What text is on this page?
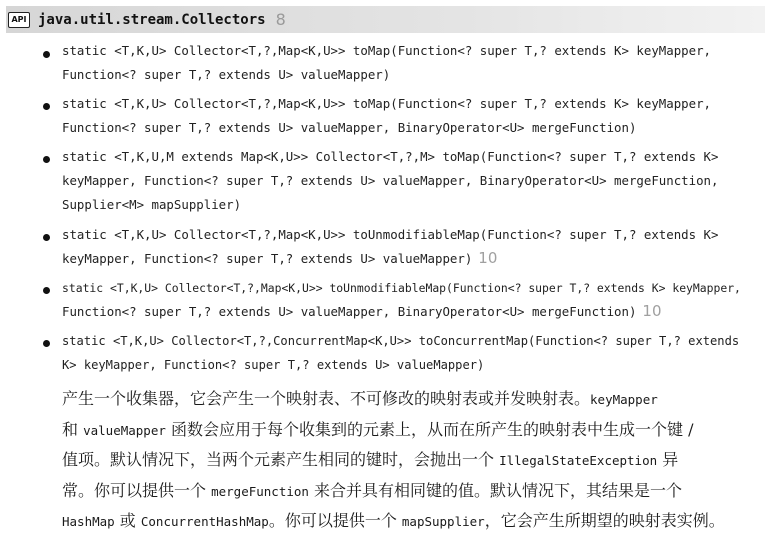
API java.util.stream.Collectors 8
static <T,K,U> Collector<T,?,Map<K,U>> toMap(Function<? super T,? extends K> keyMapper,
Function<? super T,? extends U> valueMapper)
static <T,K,U> Collector<T,?,Map<K,U>> toMap(Function<? super T,? extends K> keyMapper,
Function<? super T,? extends U> valueMapper, BinaryOperator<U> mergeFunction)
static <T,K,U,M extends Map<K,U>> Collector<T,?,M> toMap(Function<? super T,? extends K>
keyMapper, Function<? super T,? extends U> valueMapper, BinaryOperator<U> mergeFunction,
Supplier<M> mapSupplier)
static <T,K,U> Collector<T,?,Map<K,U>> toUnmodifiableMap(Function<? super T,? extends K>
keyMapper, Function<? super T,? extends U> valueMapper) 10
static <T,K,U> Collector<T,?,Map<K,U>> toUnmodifiableMap(Function<? super T,? extends K> keyMapper,
Function<? super T,? extends U> valueMapper, BinaryOperator<U> mergeFunction) 10
static <T,K,U> Collector<T,?,ConcurrentMap<K,U>> toConcurrentMap(Function<? super T,? extends
K> keyMapper, Function<? super T,? extends U> valueMapper)
产生一个收集器，它会产生一个映射表、不可修改的映射表或并发映射表。keyMapper
和 valueMapper 函数会应用于每个收集到的元素上，从而在所产生的映射表中生成一个键 /
值项。默认情况下，当两个元素产生相同的键时，会抛出一个 IllegalStateException 异
常。你可以提供一个 mergeFunction 来合并具有相同键的值。默认情况下，其结果是一个
HashMap 或 ConcurrentHashMap。你可以提供一个 mapSupplier，它会产生所期望的映射表实例。
